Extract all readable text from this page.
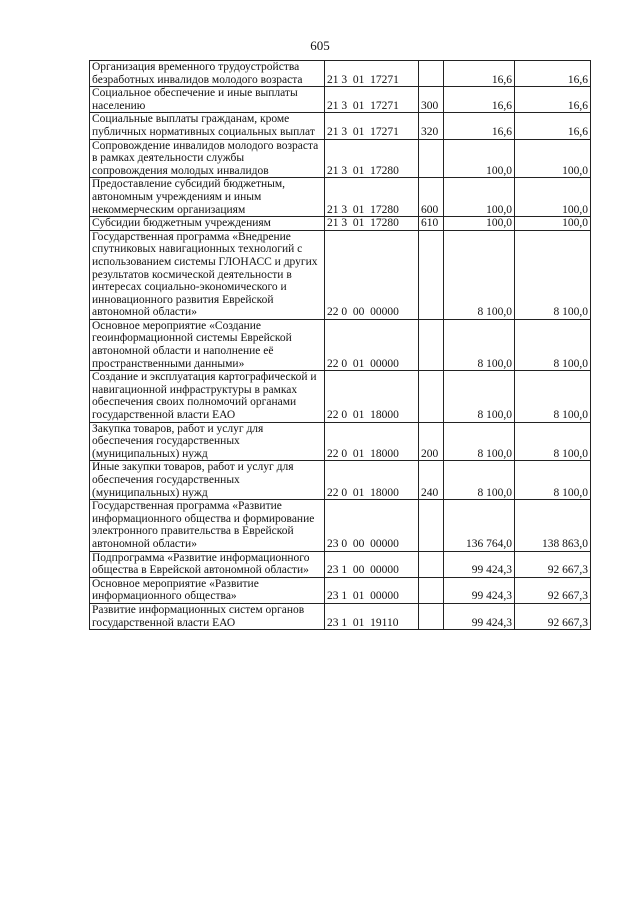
605
Организация временного трудоустройства безработных инвалидов молодого возраста	21 3  01  17271		16,6	16,6
Социальное обеспечение и иные выплаты населению	21 3  01  17271	300	16,6	16,6
Социальные выплаты гражданам, кроме публичных нормативных социальных выплат	21 3  01  17271	320	16,6	16,6
Сопровождение инвалидов молодого возраста в рамках деятельности службы сопровождения молодых инвалидов	21 3  01  17280		100,0	100,0
Предоставление субсидий бюджетным, автономным учреждениям и иным некоммерческим организациям	21 3  01  17280	600	100,0	100,0
Субсидии бюджетным учреждениям	21 3  01  17280	610	100,0	100,0
Государственная программа «Внедрение спутниковых навигационных технологий с использованием системы ГЛОНАСС и других результатов космической деятельности в интересах социально-экономического и инновационного развития Еврейской автономной области»	22 0  00  00000		8 100,0	8 100,0
Основное мероприятие «Создание геоинформационной системы Еврейской автономной области и наполнение её пространственными данными»	22 0  01  00000		8 100,0	8 100,0
Создание и эксплуатация картографической и навигационной инфраструктуры в рамках обеспечения своих полномочий органами государственной власти ЕАО	22 0  01  18000		8 100,0	8 100,0
Закупка товаров, работ и услуг для обеспечения государственных (муниципальных) нужд	22 0  01  18000	200	8 100,0	8 100,0
Иные закупки товаров, работ и услуг для обеспечения государственных (муниципальных) нужд	22 0  01  18000	240	8 100,0	8 100,0
Государственная программа «Развитие информационного общества и формирование электронного правительства в Еврейской автономной области»	23 0  00  00000		136 764,0	138 863,0
Подпрограмма «Развитие информационного общества в Еврейской автономной области»	23 1  00  00000		99 424,3	92 667,3
Основное мероприятие «Развитие информационного общества»	23 1  01  00000		99 424,3	92 667,3
Развитие информационных систем органов государственной власти ЕАО	23 1  01  19110		99 424,3	92 667,3
